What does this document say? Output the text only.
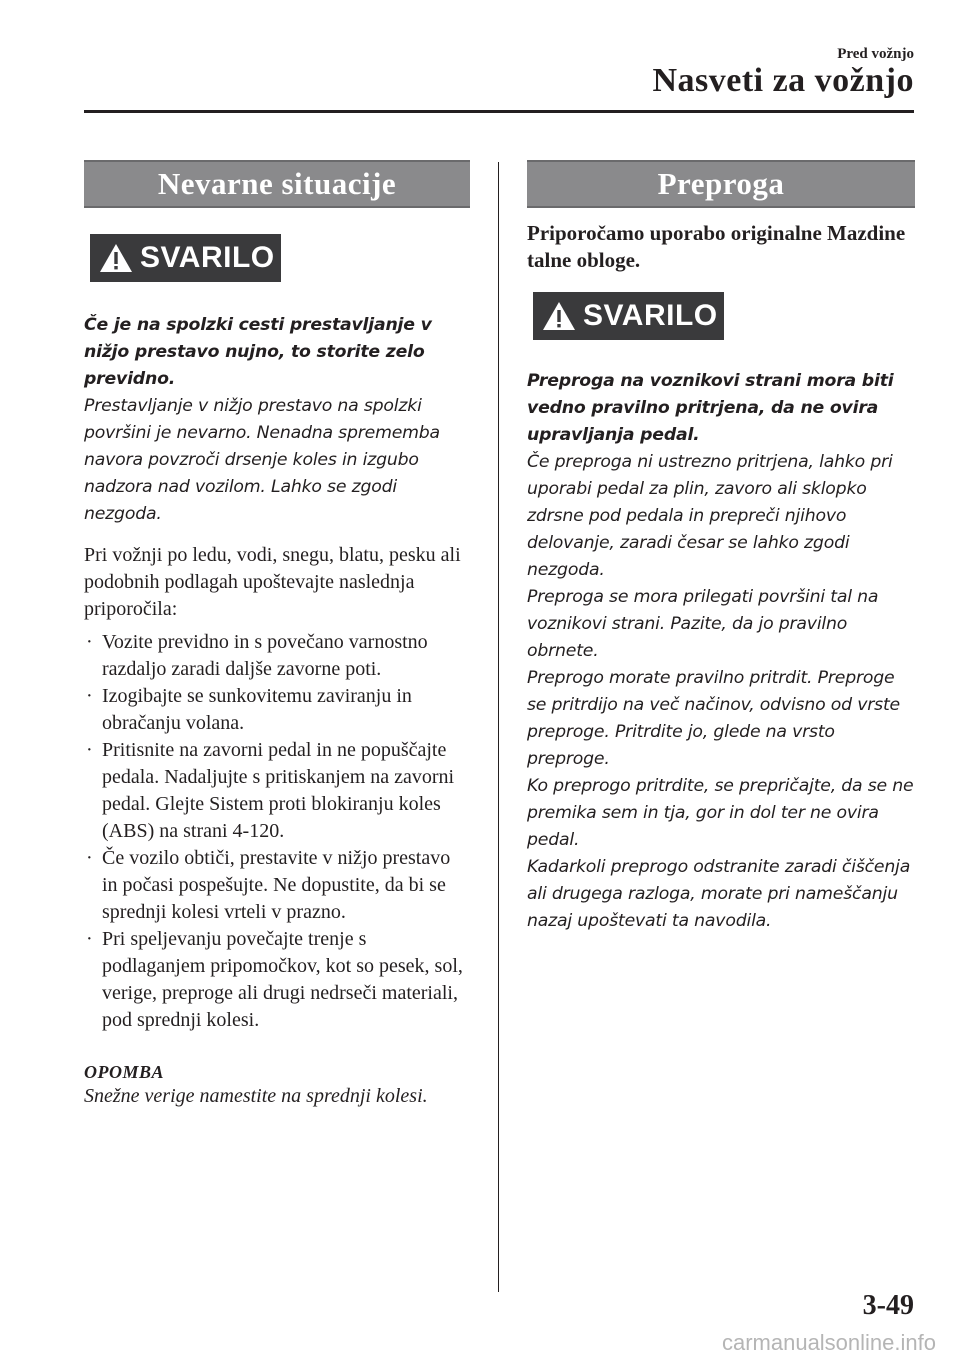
Pred vožnjo
Nasveti za vožnjo
Nevarne situacije
SVARILO

Če je na spolzki cesti prestavljanje v nižjo prestavo nujno, to storite zelo previdno.

Prestavljanje v nižjo prestavo na spolzki površini je nevarno. Nenadna sprememba navora povzroči drsenje koles in izgubo nadzora nad vozilom. Lahko se zgodi nezgoda.

Pri vožnji po ledu, vodi, snegu, blatu, pesku ali podobnih podlagah upoštevajte naslednja priporočila:

· Vozite previdno in s povečano varnostno razdaljo zaradi daljše zavorne poti.
· Izogibajte se sunkovitemu zaviranju in obračanju volana.
· Pritisnite na zavorni pedal in ne popuščajte pedala. Nadaljujte s pritiskanjem na zavorni pedal. Glejte Sistem proti blokiranju koles (ABS) na strani 4-120.
· Če vozilo obtiči, prestavite v nižjo prestavo in počasi pospešujte. Ne dopustite, da bi se sprednji kolesi vrteli v prazno.
· Pri speljevanju povečajte trenje s podlaganjem pripomočkov, kot so pesek, sol, verige, preproge ali drugi nedrseči materiali, pod sprednji kolesi.

OPOMBA

Snežne verige namestite na sprednji kolesi.

Preproga

Priporočamo uporabo originalne Mazdine talne obloge.

SVARILO

Preproga na voznikovi strani mora biti vedno pravilno pritrjena, da ne ovira upravljanja pedal.

Če preproga ni ustrezno pritrjena, lahko pri uporabi pedal za plin, zavoro ali sklopko zdrsne pod pedala in prepreči njihovo delovanje, zaradi česar se lahko zgodi nezgoda.

Preproga se mora prilegati površini tal na voznikovi strani. Pazite, da jo pravilno obrnete.

Preprogo morate pravilno pritrdit. Preproge se pritrdijo na več načinov, odvisno od vrste preproge. Pritrdite jo, glede na vrsto preproge.

Ko preprogo pritrdite, se prepričajte, da se ne premika sem in tja, gor in dol ter ne ovira pedal.

Kadarkoli preprogo odstranite zaradi čiščenja ali drugega razloga, morate pri nameščanju nazaj upoštevati ta navodila.

3-49
carmanualsonline.info
